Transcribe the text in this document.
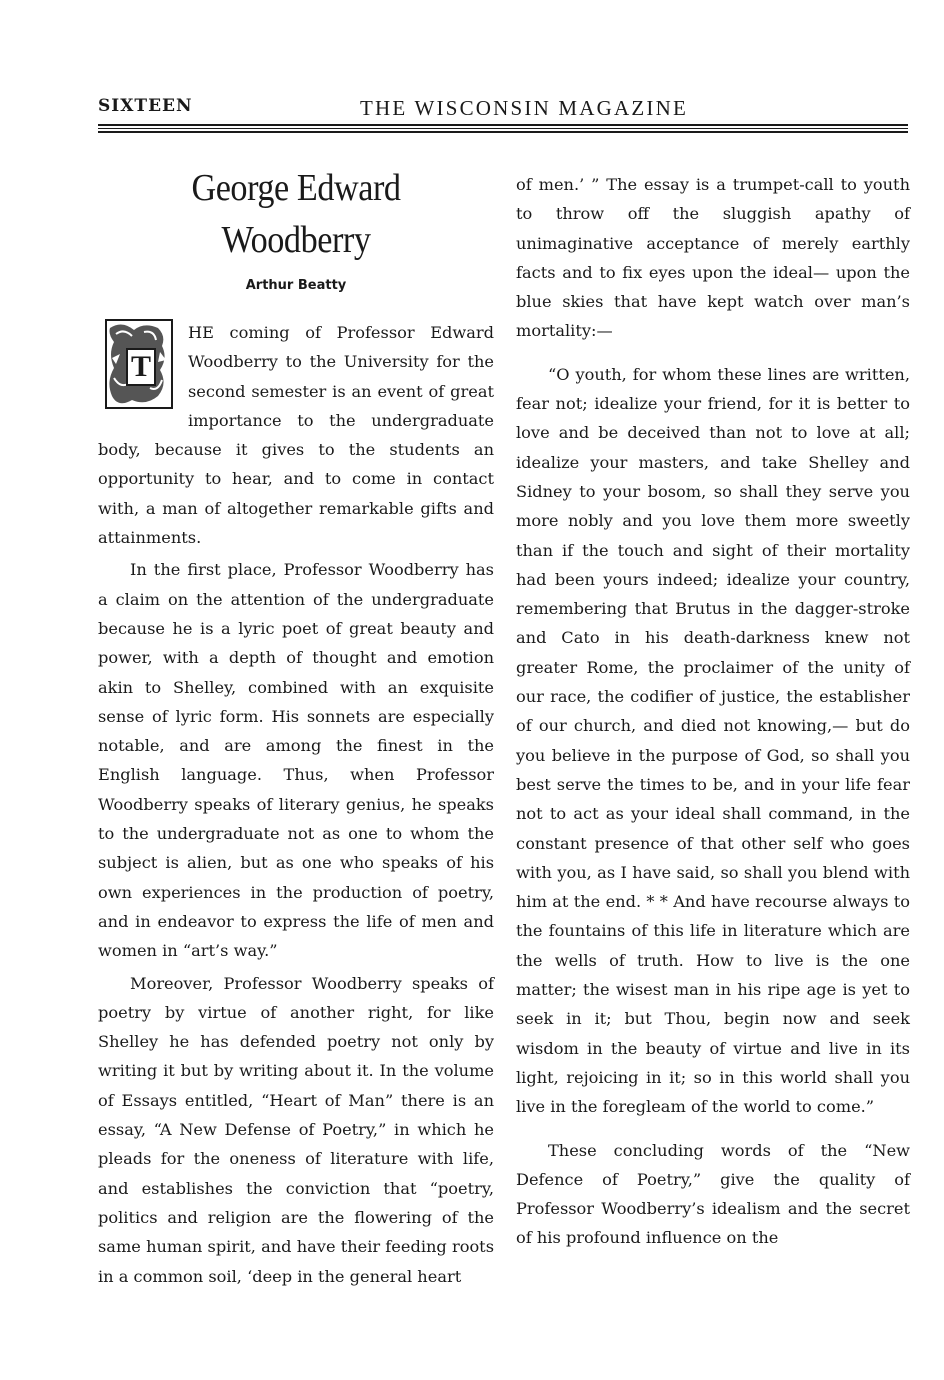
SIXTEEN	THE WISCONSIN MAGAZINE
George Edward Woodberry
Arthur Beatty
T

HE coming of Professor Edward Woodberry to the University for the second semester is an event of great importance to the undergraduate body, because it gives to the students an opportunity to hear, and to come in contact with, a man of altogether remarkable gifts and attainments.

In the first place, Professor Woodberry has a claim on the attention of the undergraduate because he is a lyric poet of great beauty and power, with a depth of thought and emotion akin to Shelley, combined with an exquisite sense of lyric form. His sonnets are especially notable, and are among the finest in the English language. Thus, when Professor Woodberry speaks of literary genius, he speaks to the undergraduate not as one to whom the subject is alien, but as one who speaks of his own experiences in the production of poetry, and in endeavor to express the life of men and women in “art’s way.”

Moreover, Professor Woodberry speaks of poetry by virtue of another right, for like Shelley he has defended poetry not only by writing it but by writing about it. In the volume of Essays entitled, “Heart of Man” there is an essay, “A New Defense of Poetry,” in which he pleads for the oneness of literature with life, and establishes the conviction that “poetry, politics and religion are the flowering of the same human spirit, and have their feeding roots in a common soil, ‘deep in the general heart

of men.’ ” The essay is a trumpet-call to youth to throw off the sluggish apathy of unimaginative acceptance of merely earthly facts and to fix eyes upon the ideal— upon the blue skies that have kept watch over man’s mortality:—

“O youth, for whom these lines are written, fear not; idealize your friend, for it is better to love and be deceived than not to love at all; idealize your masters, and take Shelley and Sidney to your bosom, so shall they serve you more nobly and you love them more sweetly than if the touch and sight of their mortality had been yours indeed; idealize your country, remembering that Brutus in the dagger-stroke and Cato in his death-darkness knew not greater Rome, the proclaimer of the unity of our race, the codifier of justice, the establisher of our church, and died not knowing,— but do you believe in the purpose of God, so shall you best serve the times to be, and in your life fear not to act as your ideal shall command, in the constant presence of that other self who goes with you, as I have said, so shall you blend with him at the end. * * And have recourse always to the fountains of this life in literature which are the wells of truth. How to live is the one matter; the wisest man in his ripe age is yet to seek in it; but Thou, begin now and seek wisdom in the beauty of virtue and live in its light, rejoicing in it; so in this world shall you live in the foregleam of the world to come.”

These concluding words of the “New Defence of Poetry,” give the quality of Professor Woodberry’s idealism and the secret of his profound influence on the
